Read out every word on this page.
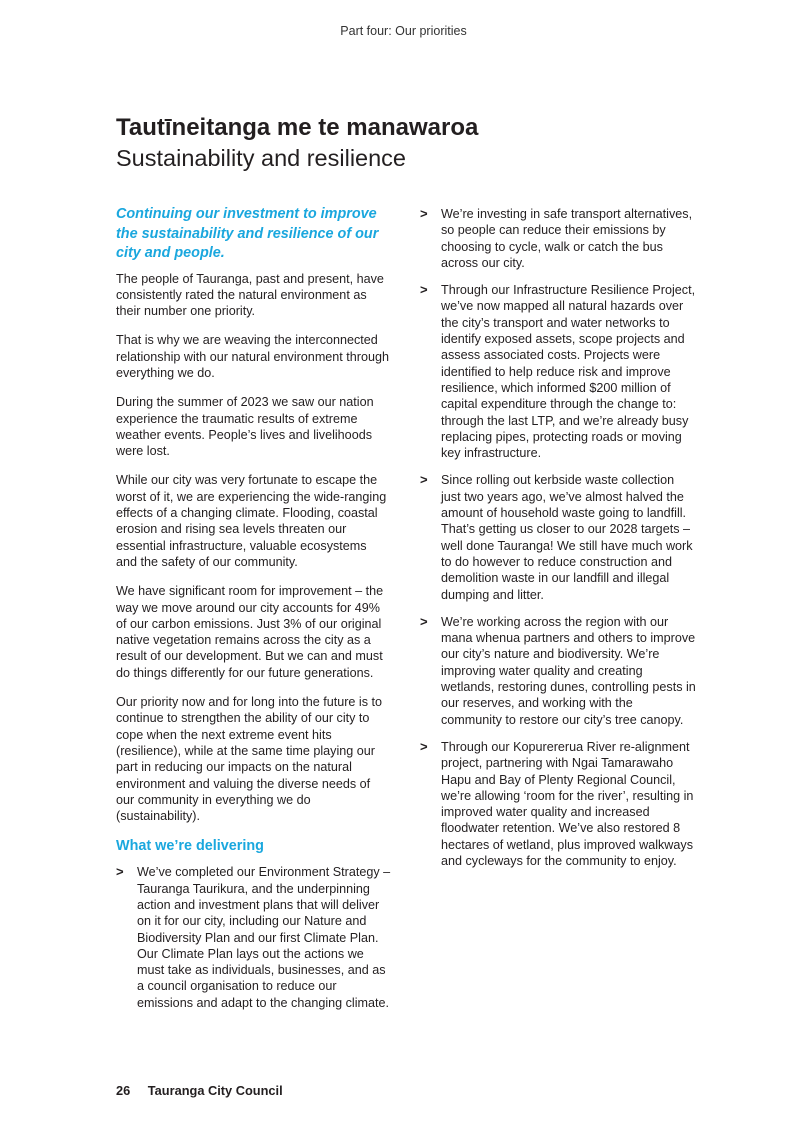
Part four: Our priorities
Tautīneitanga me te manawaroa
Sustainability and resilience
Continuing our investment to improve the sustainability and resilience of our city and people.

The people of Tauranga, past and present, have consistently rated the natural environment as their number one priority.

That is why we are weaving the interconnected relationship with our natural environment through everything we do.

During the summer of 2023 we saw our nation experience the traumatic results of extreme weather events. People’s lives and livelihoods were lost.

While our city was very fortunate to escape the worst of it, we are experiencing the wide-ranging effects of a changing climate. Flooding, coastal erosion and rising sea levels threaten our essential infrastructure, valuable ecosystems and the safety of our community.

We have significant room for improvement – the way we move around our city accounts for 49% of our carbon emissions. Just 3% of our original native vegetation remains across the city as a result of our development. But we can and must do things differently for our future generations.

Our priority now and for long into the future is to continue to strengthen the ability of our city to cope when the next extreme event hits (resilience), while at the same time playing our part in reducing our impacts on the natural environment and valuing the diverse needs of our community in everything we do (sustainability).

What we’re delivering
> We’ve completed our Environment Strategy – Tauranga Taurikura, and the underpinning action and investment plans that will deliver on it for our city, including our Nature and Biodiversity Plan and our first Climate Plan. Our Climate Plan lays out the actions we must take as individuals, businesses, and as a council organisation to reduce our emissions and adapt to the changing climate.
> We’re investing in safe transport alternatives, so people can reduce their emissions by choosing to cycle, walk or catch the bus across our city.
> Through our Infrastructure Resilience Project, we’ve now mapped all natural hazards over the city’s transport and water networks to identify exposed assets, scope projects and assess associated costs. Projects were identified to help reduce risk and improve resilience, which informed $200 million of capital expenditure through the change to: through the last LTP, and we’re already busy replacing pipes, protecting roads or moving key infrastructure.
> Since rolling out kerbside waste collection just two years ago, we’ve almost halved the amount of household waste going to landfill. That’s getting us closer to our 2028 targets – well done Tauranga! We still have much work to do however to reduce construction and demolition waste in our landfill and illegal dumping and litter.
> We’re working across the region with our mana whenua partners and others to improve our city’s nature and biodiversity. We’re improving water quality and creating wetlands, restoring dunes, controlling pests in our reserves, and working with the community to restore our city’s tree canopy.
> Through our Kopurererua River re-alignment project, partnering with Ngai Tamarawaho Hapu and Bay of Plenty Regional Council, we’re allowing ‘room for the river’, resulting in improved water quality and increased floodwater retention. We’ve also restored 8 hectares of wetland, plus improved walkways and cycleways for the community to enjoy.
26 Tauranga City Council
